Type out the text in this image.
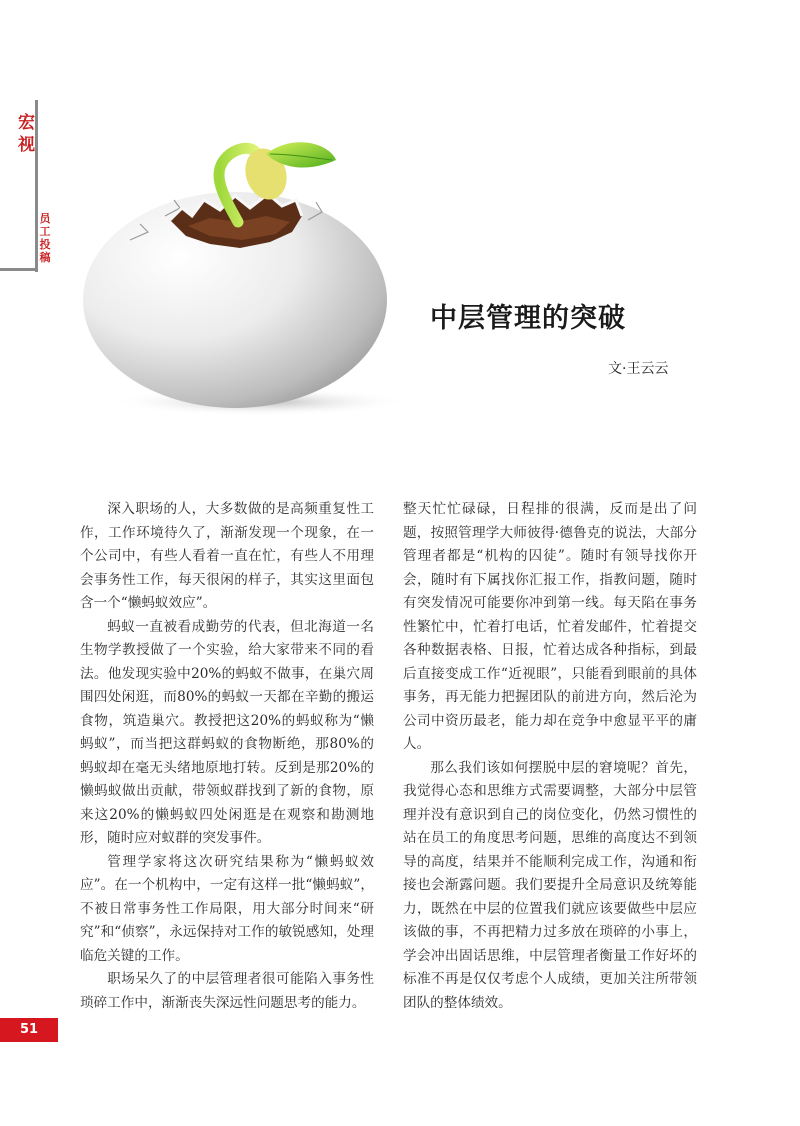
宏视
员工投稿
中层管理的突破
文·王云云

深入职场的人，大多数做的是高频重复性工作，工作环境待久了，渐渐发现一个现象，在一个公司中，有些人看着一直在忙，有些人不用理会事务性工作，每天很闲的样子，其实这里面包含一个“懒蚂蚁效应”。

蚂蚁一直被看成勤劳的代表，但北海道一名生物学教授做了一个实验，给大家带来不同的看法。他发现实验中20%的蚂蚁不做事，在巢穴周围四处闲逛，而80%的蚂蚁一天都在辛勤的搬运食物，筑造巢穴。教授把这20%的蚂蚁称为“懒蚂蚁”，而当把这群蚂蚁的食物断绝，那80%的蚂蚁却在毫无头绪地原地打转。反到是那20%的懒蚂蚁做出贡献，带领蚁群找到了新的食物，原来这20%的懒蚂蚁四处闲逛是在观察和勘测地形，随时应对蚁群的突发事件。

管理学家将这次研究结果称为“懒蚂蚁效应”。在一个机构中，一定有这样一批“懒蚂蚁”，不被日常事务性工作局限，用大部分时间来“研究”和“侦察”，永远保持对工作的敏锐感知，处理临危关键的工作。

职场呆久了的中层管理者很可能陷入事务性琐碎工作中，渐渐丧失深远性问题思考的能力。

整天忙忙碌碌，日程排的很满，反而是出了问题，按照管理学大师彼得·德鲁克的说法，大部分管理者都是“机构的囚徒”。随时有领导找你开会，随时有下属找你汇报工作，指教问题，随时有突发情况可能要你冲到第一线。每天陷在事务性繁忙中，忙着打电话，忙着发邮件，忙着提交各种数据表格、日报，忙着达成各种指标，到最后直接变成工作“近视眼”，只能看到眼前的具体事务，再无能力把握团队的前进方向，然后沦为公司中资历最老，能力却在竞争中愈显平平的庸人。

那么我们该如何摆脱中层的窘境呢？首先，我觉得心态和思维方式需要调整，大部分中层管理并没有意识到自己的岗位变化，仍然习惯性的站在员工的角度思考问题，思维的高度达不到领导的高度，结果并不能顺利完成工作，沟通和衔接也会渐露问题。我们要提升全局意识及统筹能力，既然在中层的位置我们就应该要做些中层应该做的事，不再把精力过多放在琐碎的小事上，学会冲出固话思维，中层管理者衡量工作好坏的标准不再是仅仅考虑个人成绩，更加关注所带领团队的整体绩效。

51
